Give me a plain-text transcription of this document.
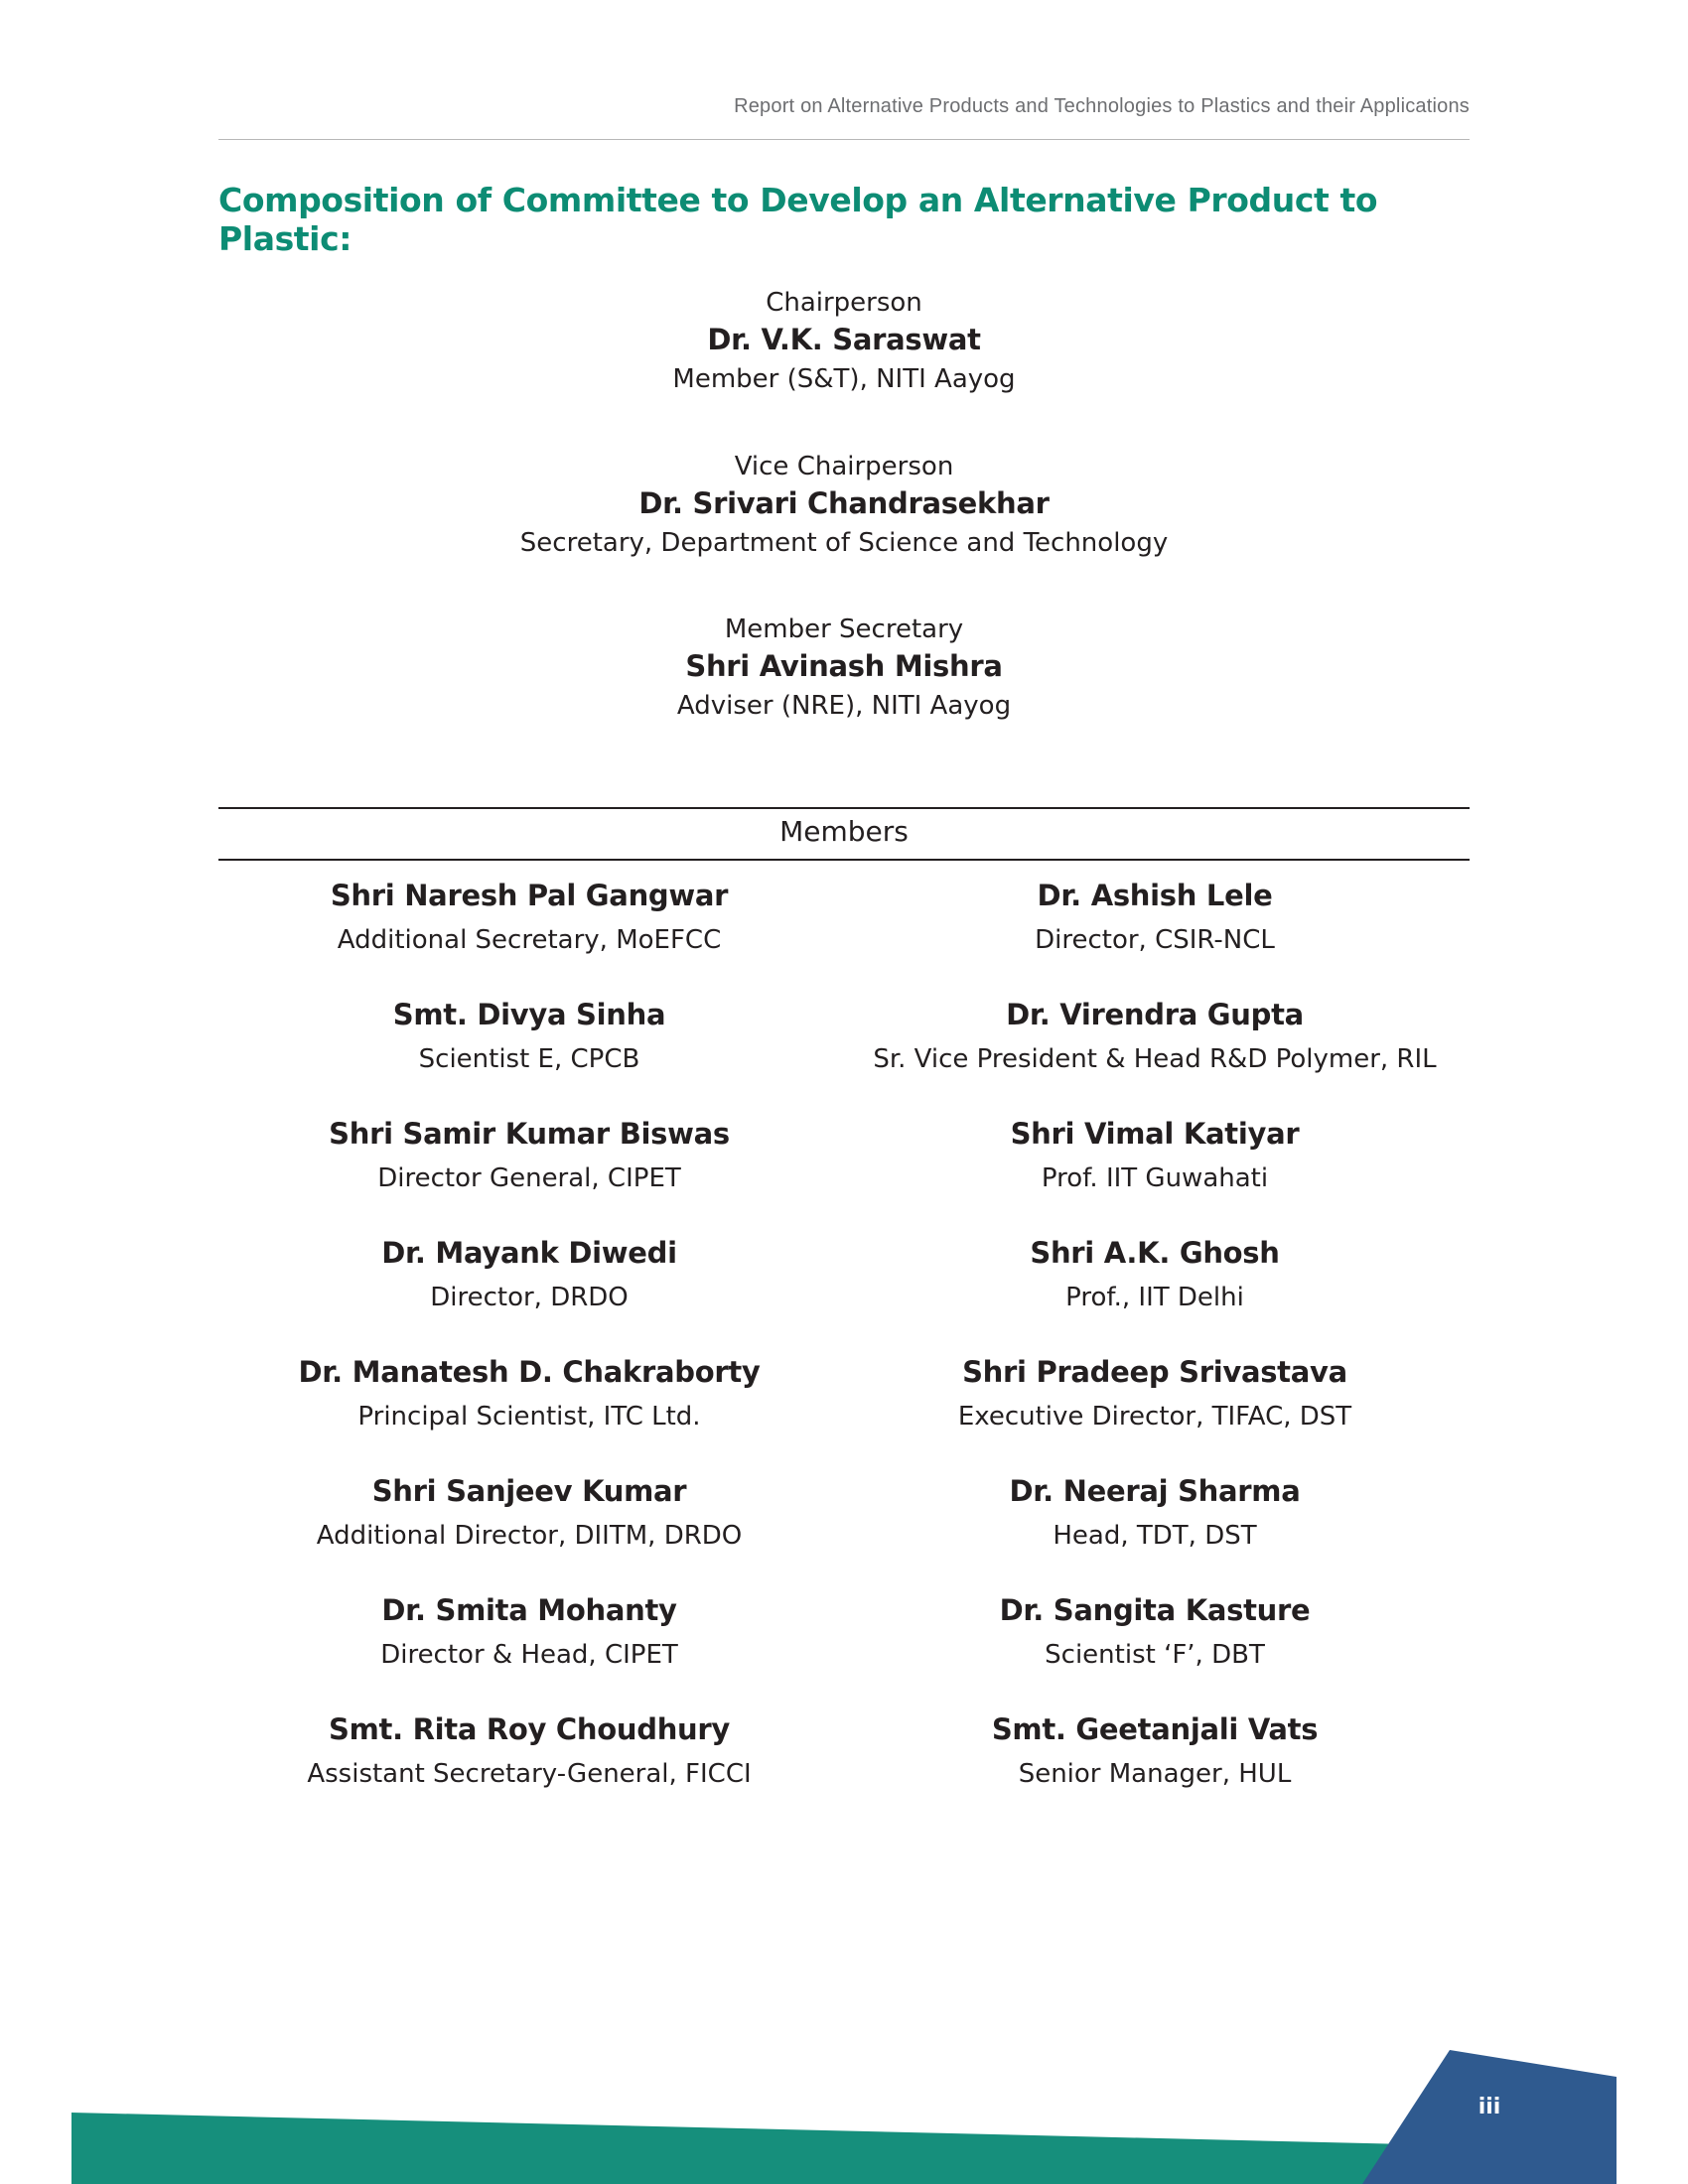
Report on Alternative Products and Technologies to Plastics and their Applications
Composition of Committee to Develop an Alternative Product to Plastic:
Chairperson
Dr. V.K. Saraswat
Member (S&T), NITI Aayog
Vice Chairperson
Dr. Srivari Chandrasekhar
Secretary, Department of Science and Technology
Member Secretary
Shri Avinash Mishra
Adviser (NRE), NITI Aayog
Members
Shri Naresh Pal Gangwar
Additional Secretary, MoEFCC
Smt. Divya Sinha
Scientist E, CPCB
Shri Samir Kumar Biswas
Director General, CIPET
Dr. Mayank Diwedi
Director, DRDO
Dr. Manatesh D. Chakraborty
Principal Scientist, ITC Ltd.
Shri Sanjeev Kumar
Additional Director, DIITM, DRDO
Dr. Smita Mohanty
Director & Head, CIPET
Smt. Rita Roy Choudhury
Assistant Secretary-General, FICCI
Dr. Ashish Lele
Director, CSIR-NCL
Dr. Virendra Gupta
Sr. Vice President & Head R&D Polymer, RIL
Shri Vimal Katiyar
Prof. IIT Guwahati
Shri A.K. Ghosh
Prof., IIT Delhi
Shri Pradeep Srivastava
Executive Director, TIFAC, DST
Dr. Neeraj Sharma
Head, TDT, DST
Dr. Sangita Kasture
Scientist ‘F’, DBT
Smt. Geetanjali Vats
Senior Manager, HUL
iii
